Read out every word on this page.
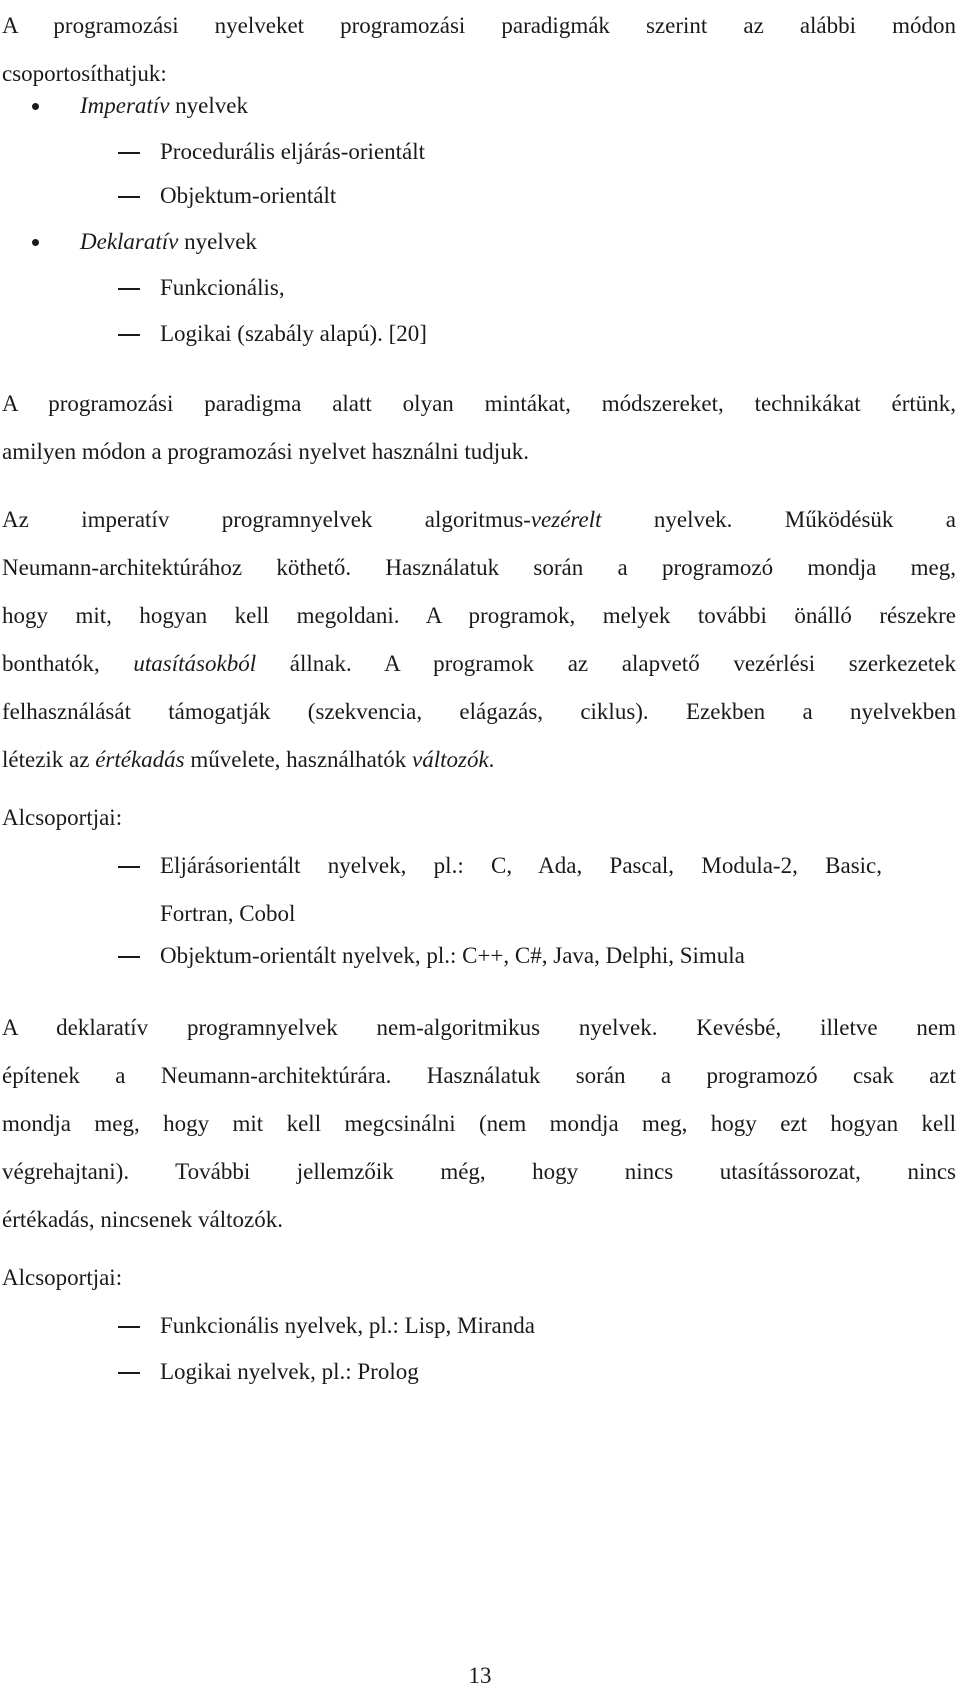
A programozási nyelveket programozási paradigmák szerint az alábbi módon
csoportosíthatjuk:
Imperatív nyelvek
Procedurális eljárás-orientált
Objektum-orientált
Deklaratív nyelvek
Funkcionális,
Logikai (szabály alapú). [20]
A programozási paradigma alatt olyan mintákat, módszereket, technikákat értünk,
amilyen módon a programozási nyelvet használni tudjuk.
Az imperatív programnyelvek algoritmus-vezérelt nyelvek. Működésük a
Neumann-architektúrához köthető. Használatuk során a programozó mondja meg,
hogy mit, hogyan kell megoldani. A programok, melyek további önálló részekre
bonthatók, utasításokból állnak. A programok az alapvető vezérlési szerkezetek
felhasználását támogatják (szekvencia, elágazás, ciklus). Ezekben a nyelvekben
létezik az értékadás művelete, használhatók változók.
Alcsoportjai:
Eljárásorientált nyelvek, pl.: C, Ada, Pascal, Modula-2, Basic,
Fortran, Cobol
Objektum-orientált nyelvek, pl.: C++, C#, Java, Delphi, Simula
A deklaratív programnyelvek nem-algoritmikus nyelvek. Kevésbé, illetve nem
építenek a Neumann-architektúrára. Használatuk során a programozó csak azt
mondja meg, hogy mit kell megcsinálni (nem mondja meg, hogy ezt hogyan kell
végrehajtani). További jellemzőik még, hogy nincs utasítássorozat, nincs
értékadás, nincsenek változók.
Alcsoportjai:
Funkcionális nyelvek, pl.: Lisp, Miranda
Logikai nyelvek, pl.: Prolog
13
